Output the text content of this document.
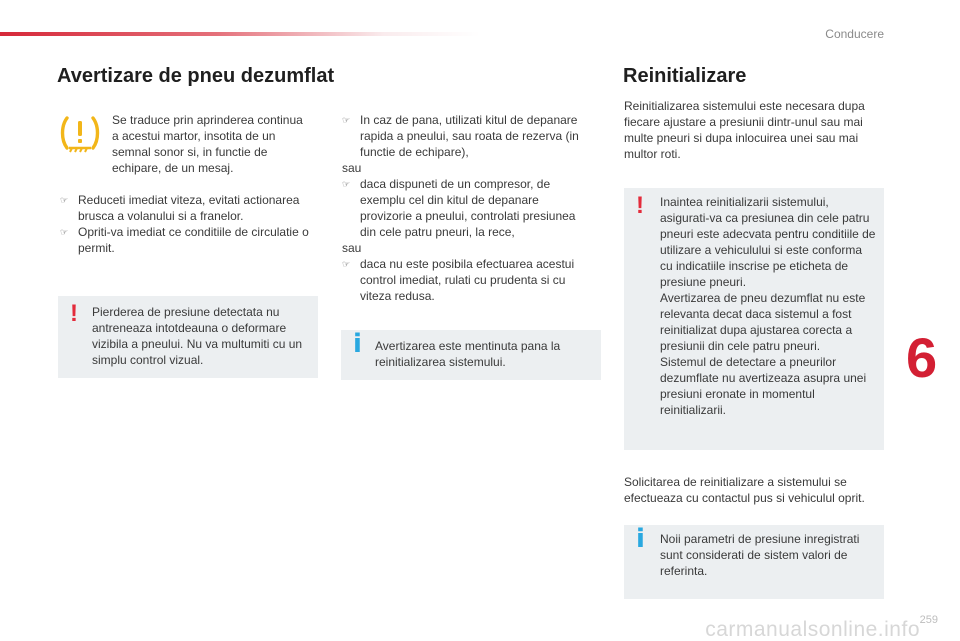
Conducere
Avertizare de pneu dezumflat

Se traduce prin aprinderea continua a acestui martor, insotita de un semnal sonor si, in functie de echipare, de un mesaj.

☞ Reduceti imediat viteza, evitati actionarea brusca a volanului si a franelor.
☞ Opriti-va imediat ce conditiile de circulatie o permit.
! Pierderea de presiune detectata nu antreneaza intotdeauna o deformare vizibila a pneului. Nu va multumiti cu un simplu control vizual.

☞ In caz de pana, utilizati kitul de depanare rapida a pneului, sau roata de rezerva (in functie de echipare),
sau
☞ daca dispuneti de un compresor, de exemplu cel din kitul de depanare provizorie a pneului, controlati presiunea din cele patru pneuri, la rece,
sau
☞ daca nu este posibila efectuarea acestui control imediat, rulati cu prudenta si cu viteza redusa.
i Avertizarea este mentinuta pana la reinitializarea sistemului.

Reinitializare

Reinitializarea sistemului este necesara dupa fiecare ajustare a presiunii dintr-unul sau mai multe pneuri si dupa inlocuirea unei sau mai multor roti.

! Inaintea reinitializarii sistemului, asigurati-va ca presiunea din cele patru pneuri este adecvata pentru conditiile de utilizare a vehiculului si este conforma cu indicatiile inscrise pe eticheta de presiune pneuri.

Avertizarea de pneu dezumflat nu este relevanta decat daca sistemul a fost reinitializat dupa ajustarea corecta a presiunii din cele patru pneuri.

Sistemul de detectare a pneurilor dezumflate nu avertizeaza asupra unei presiuni eronate in momentul reinitializarii.

Solicitarea de reinitializare a sistemului se efectueaza cu contactul pus si vehiculul oprit.

i Noii parametri de presiune inregistrati sunt considerati de sistem valori de referinta.

6
259
carmanualsonline.info
